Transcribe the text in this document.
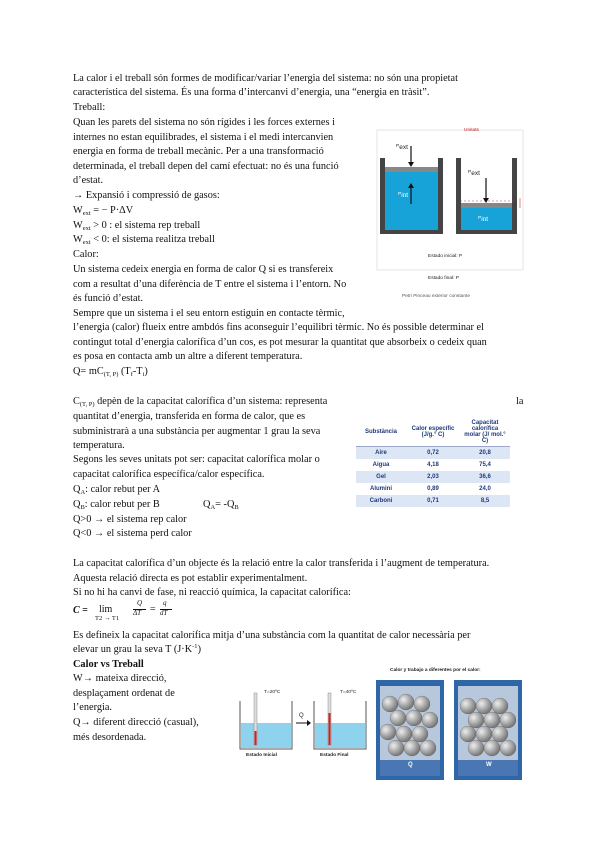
La calor i el treball són formes de modificar/variar l’energia del sistema: no són una propietat
característica del sistema. És una forma d’intercanvi d’energia, una “energia en tràsit”.
Treball:
Quan les parets del sistema no són rígides i les forces externes i
internes no estan equilibrades, el sistema i el medi intercanvien
energia en forma de treball mecànic. Per a una transformació
determinada, el treball depen del camí efectuat: no és una funció
d’estat.
→ Expansió i compressió de gasos:
$W_{ext}$ = − P·ΔV
$W_{ext} > 0$ : el sistema rep treball
$W_{ext} < 0$: el sistema realitza treball
Calor:
Un sistema cedeix energia en forma de calor Q si es transfereix
com a resultat d’una diferència de T entre el sistema i l’entorn. No
és funció d’estat.
Sempre que un sistema i el seu entorn estiguin en contacte tèrmic,
l’energia (calor) flueix entre ambdós fins aconseguir l’equilibri tèrmic. No és possible determinar el
contingut total d’energia calorífica d’un cos, es pot mesurar la quantitat que absorbeix o cedeix quan
es posa en contacta amb un altre a diferent temperatura.
$Q= mC_{(T, P)}$ $(T_f-T_i)$
Unitats
$P_{ext}$
$P_{int}$
$P_{ext}$
$P_{int}$
Estado inicial: P
Estado final: P
Petri Pinceau exterior constante
$C_{(T, P)}$ depèn de la capacitat calorífica d’un sistema: representa	la
quantitat d’energia, transferida en forma de calor, que es
subministrarà a una substància per augmentar 1 grau la seva
temperatura.
Segons les seves unitats pot ser: capacitat calorífica molar o
capacitat calorífica específica/calor específica.
$Q_A$: calor rebut per A
$Q_B$: calor rebut per B	$Q_A= -Q_B$
Q>0 → el sistema rep calor
Q<0 → el sistema perd calor
Substància	Calor específic (J/g.° C)	Capacitat calorífica molar (J/ mol.° C)
Aire	0,72	20,8
Aigua	4,18	75,4
Gel	2,03	36,6
Alumini	0,89	24,0
Carboni	0,71	8,5
La capacitat calorífica d’un objecte és la relació entre la calor transferida i l’augment de temperatura.
Aquesta relació directa es pot establir experimentalment.
Si no hi ha canvi de fase, ni reacció química, la capacitat calorífica:
C = lim
T2 → T1
Q
ΔT =
q
dT
Es defineix la capacitat calorífica mitja d’una substància com la quantitat de calor necessària per
elevar un grau la seva T $(J\cdot K^{-1})$
Calor vs Treball
W→ mateixa direcció,
desplaçament ordenat de
l’energia.
Q→ diferent direcció (casual),
més desordenada.
T=20ºC	T=40ºC
Q
Estado Inicial	Estado Final
Calor y trabajo a diferentes por el calor:
Q	W
